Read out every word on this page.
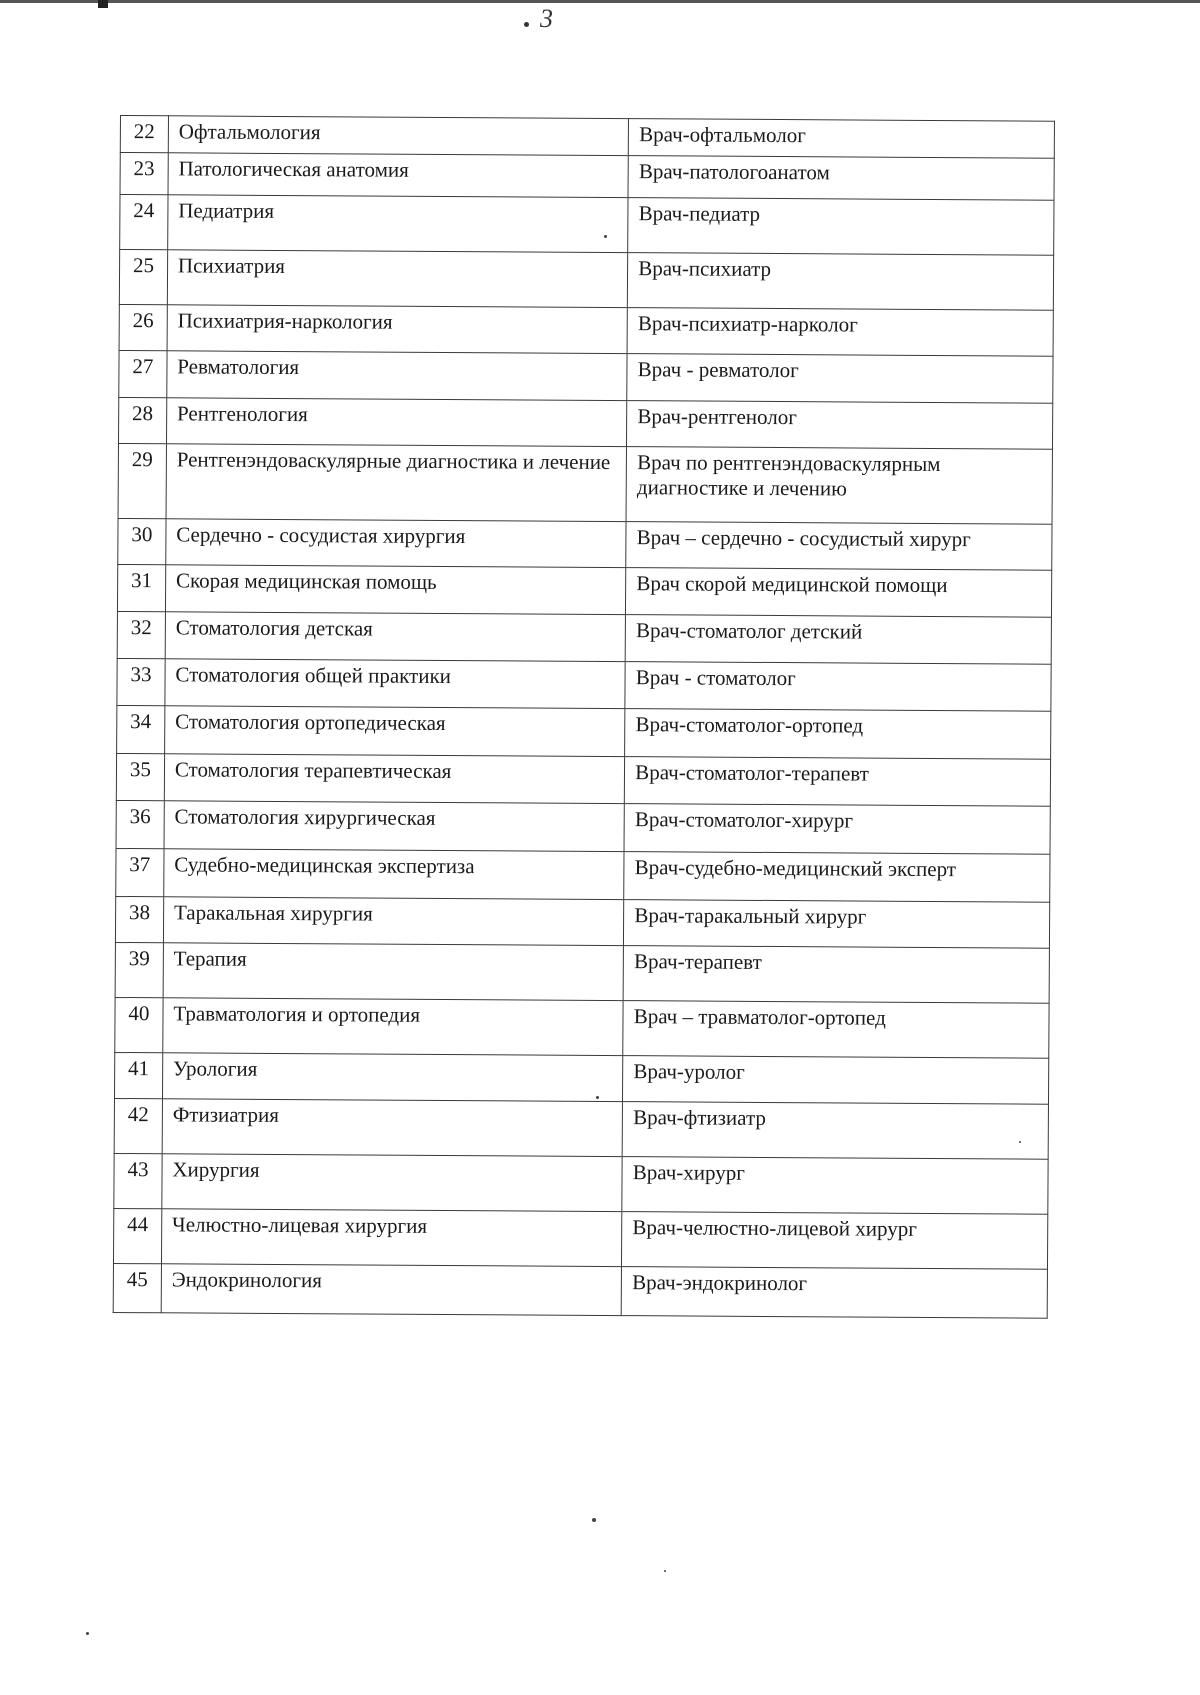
3
22	Офтальмология	Врач-офтальмолог
23	Патологическая анатомия	Врач-патологоанатом
24	Педиатрия	Врач-педиатр
25	Психиатрия	Врач-психиатр
26	Психиатрия-наркология	Врач-психиатр-нарколог
27	Ревматология	Врач - ревматолог
28	Рентгенология	Врач-рентгенолог
29	Рентгенэндоваскулярные диагностика и лечение	Врач по рентгенэндоваскулярным диагностике и лечению
30	Сердечно - сосудистая хирургия	Врач – сердечно - сосудистый хирург
31	Скорая медицинская помощь	Врач скорой медицинской помощи
32	Стоматология детская	Врач-стоматолог детский
33	Стоматология общей практики	Врач - стоматолог
34	Стоматология ортопедическая	Врач-стоматолог-ортопед
35	Стоматология терапевтическая	Врач-стоматолог-терапевт
36	Стоматология хирургическая	Врач-стоматолог-хирург
37	Судебно-медицинская экспертиза	Врач-судебно-медицинский эксперт
38	Таракальная хирургия	Врач-таракальный хирург
39	Терапия	Врач-терапевт
40	Травматология и ортопедия	Врач – травматолог-ортопед
41	Урология	Врач-уролог
42	Фтизиатрия	Врач-фтизиатр
43	Хирургия	Врач-хирург
44	Челюстно-лицевая хирургия	Врач-челюстно-лицевой хирург
45	Эндокринология	Врач-эндокринолог
